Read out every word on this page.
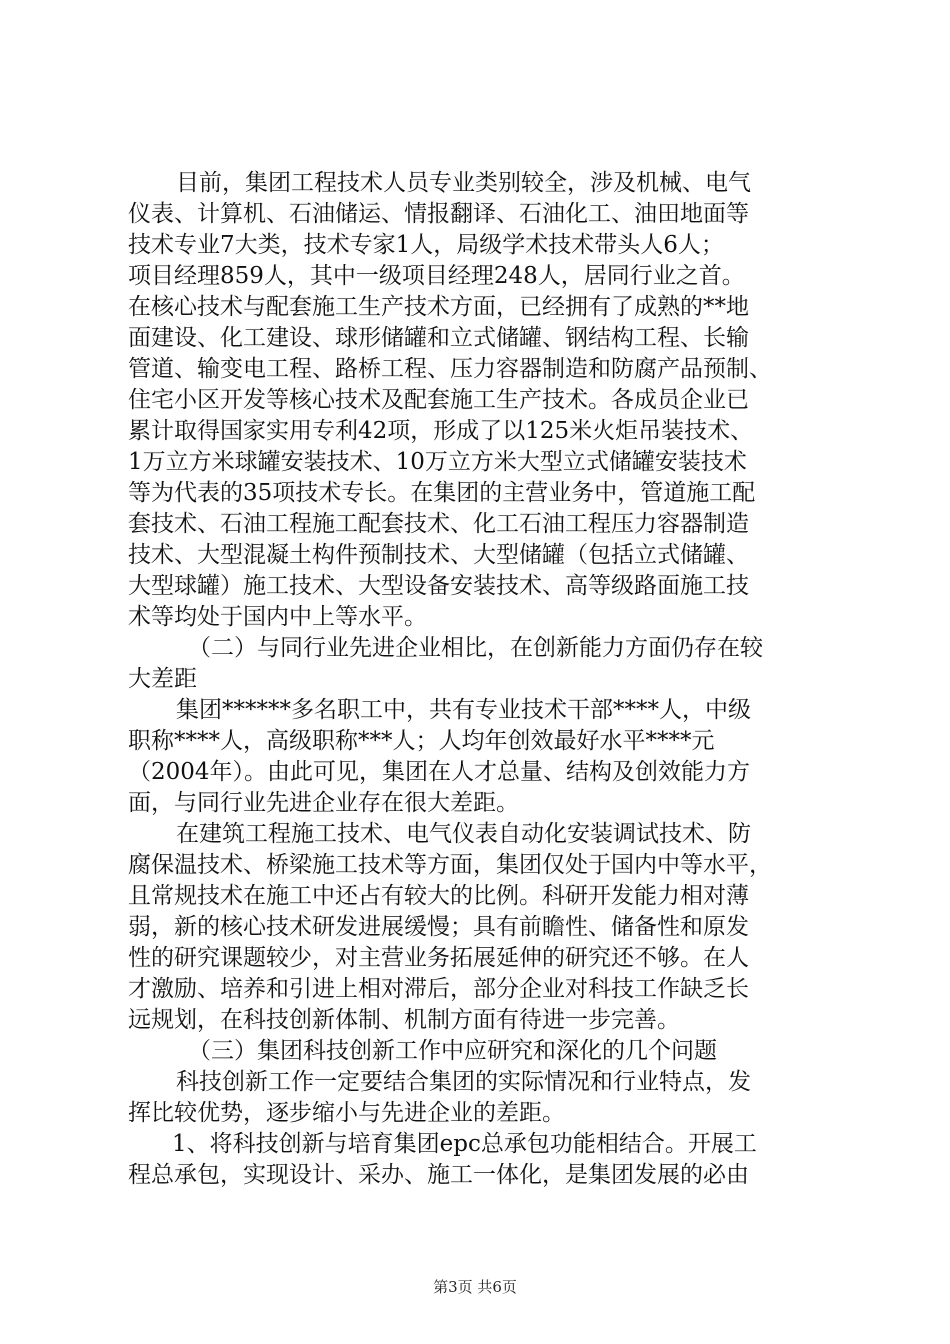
目前，集团工程技术人员专业类别较全，涉及机械、电气
仪表、计算机、石油储运、情报翻译、石油化工、油田地面等
技术专业7大类，技术专家1人，局级学术技术带头人6人；
项目经理859人，其中一级项目经理248人，居同行业之首。
在核心技术与配套施工生产技术方面，已经拥有了成熟的**地
面建设、化工建设、球形储罐和立式储罐、钢结构工程、长输
管道、输变电工程、路桥工程、压力容器制造和防腐产品预制、
住宅小区开发等核心技术及配套施工生产技术。各成员企业已
累计取得国家实用专利42项，形成了以125米火炬吊装技术、
1万立方米球罐安装技术、10万立方米大型立式储罐安装技术
等为代表的35项技术专长。在集团的主营业务中，管道施工配
套技术、石油工程施工配套技术、化工石油工程压力容器制造
技术、大型混凝土构件预制技术、大型储罐（包括立式储罐、
大型球罐）施工技术、大型设备安装技术、高等级路面施工技
术等均处于国内中上等水平。
（二）与同行业先进企业相比，在创新能力方面仍存在较
大差距
集团******多名职工中，共有专业技术干部****人，中级
职称****人，高级职称***人；人均年创效最好水平****元
（2004年）。由此可见，集团在人才总量、结构及创效能力方
面，与同行业先进企业存在很大差距。
在建筑工程施工技术、电气仪表自动化安装调试技术、防
腐保温技术、桥梁施工技术等方面，集团仅处于国内中等水平，
且常规技术在施工中还占有较大的比例。科研开发能力相对薄
弱，新的核心技术研发进展缓慢；具有前瞻性、储备性和原发
性的研究课题较少，对主营业务拓展延伸的研究还不够。在人
才激励、培养和引进上相对滞后，部分企业对科技工作缺乏长
远规划，在科技创新体制、机制方面有待进一步完善。
（三）集团科技创新工作中应研究和深化的几个问题
科技创新工作一定要结合集团的实际情况和行业特点，发
挥比较优势，逐步缩小与先进企业的差距。
1、将科技创新与培育集团epc总承包功能相结合。开展工
程总承包，实现设计、采办、施工一体化，是集团发展的必由
第3页 共6页
